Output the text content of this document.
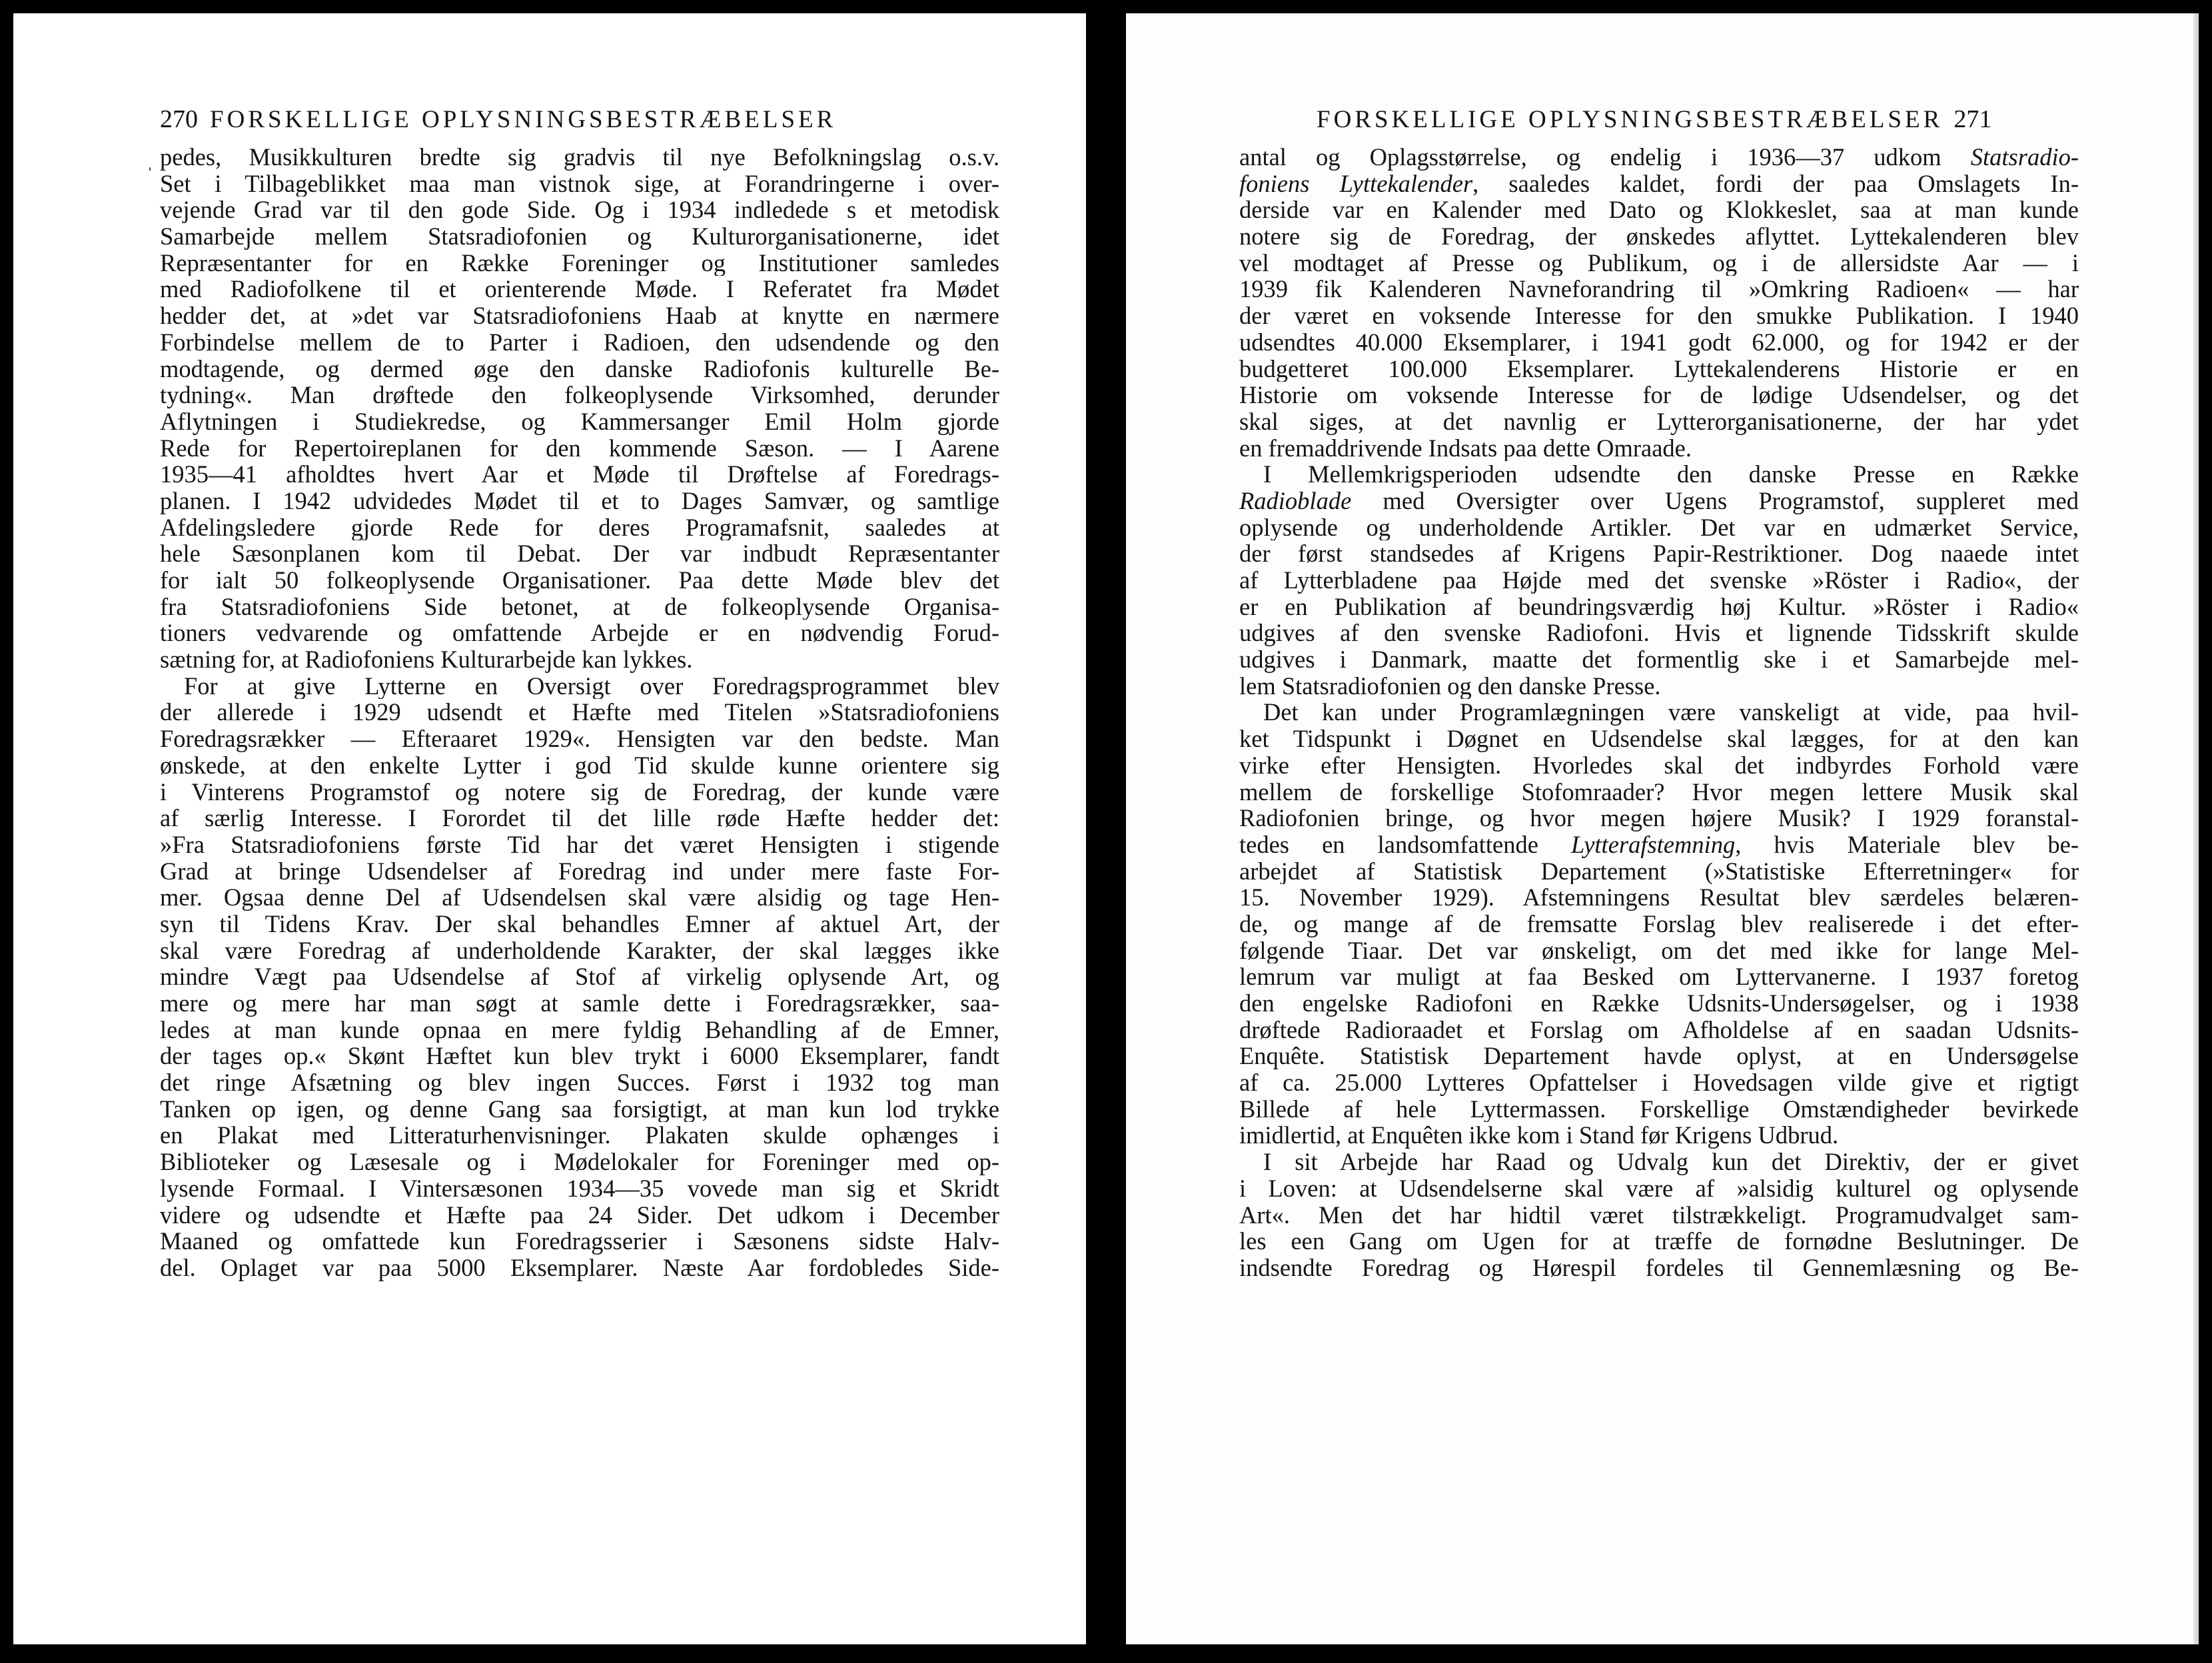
270 FORSKELLIGE OPLYSNINGSBESTRÆBELSER
ˈ
pedes, Musikkulturen bredte sig gradvis til nye Befolkningslag o.s.v.
Set i Tilbageblikket maa man vistnok sige, at Forandringerne i over-
vejende Grad var til den gode Side. Og i 1934 indledede s et metodisk
Samarbejde mellem Statsradiofonien og Kulturorganisationerne, idet
Repræsentanter for en Række Foreninger og Institutioner samledes
med Radiofolkene til et orienterende Møde. I Referatet fra Mødet
hedder det, at »det var Statsradiofoniens Haab at knytte en nærmere
Forbindelse mellem de to Parter i Radioen, den udsendende og den
modtagende, og dermed øge den danske Radiofonis kulturelle Be-
tydning«. Man drøftede den folkeoplysende Virksomhed, derunder
Aflytningen i Studiekredse, og Kammersanger Emil Holm gjorde
Rede for Repertoireplanen for den kommende Sæson. — I Aarene
1935—41 afholdtes hvert Aar et Møde til Drøftelse af Foredrags-
planen. I 1942 udvidedes Mødet til et to Dages Samvær, og samtlige
Afdelingsledere gjorde Rede for deres Programafsnit, saaledes at
hele Sæsonplanen kom til Debat. Der var indbudt Repræsentanter
for ialt 50 folkeoplysende Organisationer. Paa dette Møde blev det
fra Statsradiofoniens Side betonet, at de folkeoplysende Organisa-
tioners vedvarende og omfattende Arbejde er en nødvendig Forud-
sætning for, at Radiofoniens Kulturarbejde kan lykkes.
For at give Lytterne en Oversigt over Foredragsprogrammet blev
der allerede i 1929 udsendt et Hæfte med Titelen »Statsradiofoniens
Foredragsrækker — Efteraaret 1929«. Hensigten var den bedste. Man
ønskede, at den enkelte Lytter i god Tid skulde kunne orientere sig
i Vinterens Programstof og notere sig de Foredrag, der kunde være
af særlig Interesse. I Forordet til det lille røde Hæfte hedder det:
»Fra Statsradiofoniens første Tid har det været Hensigten i stigende
Grad at bringe Udsendelser af Foredrag ind under mere faste For-
mer. Ogsaa denne Del af Udsendelsen skal være alsidig og tage Hen-
syn til Tidens Krav. Der skal behandles Emner af aktuel Art, der
skal være Foredrag af underholdende Karakter, der skal lægges ikke
mindre Vægt paa Udsendelse af Stof af virkelig oplysende Art, og
mere og mere har man søgt at samle dette i Foredragsrækker, saa-
ledes at man kunde opnaa en mere fyldig Behandling af de Emner,
der tages op.« Skønt Hæftet kun blev trykt i 6000 Eksemplarer, fandt
det ringe Afsætning og blev ingen Succes. Først i 1932 tog man
Tanken op igen, og denne Gang saa forsigtigt, at man kun lod trykke
en Plakat med Litteraturhenvisninger. Plakaten skulde ophænges i
Biblioteker og Læsesale og i Mødelokaler for Foreninger med op-
lysende Formaal. I Vintersæsonen 1934—35 vovede man sig et Skridt
videre og udsendte et Hæfte paa 24 Sider. Det udkom i December
Maaned og omfattede kun Foredragsserier i Sæsonens sidste Halv-
del. Oplaget var paa 5000 Eksemplarer. Næste Aar fordobledes Side-
FORSKELLIGE OPLYSNINGSBESTRÆBELSER 271
antal og Oplagsstørrelse, og endelig i 1936—37 udkom Statsradio-
foniens Lyttekalender, saaledes kaldet, fordi der paa Omslagets In-
derside var en Kalender med Dato og Klokkeslet, saa at man kunde
notere sig de Foredrag, der ønskedes aflyttet. Lyttekalenderen blev
vel modtaget af Presse og Publikum, og i de allersidste Aar — i
1939 fik Kalenderen Navneforandring til »Omkring Radioen« — har
der været en voksende Interesse for den smukke Publikation. I 1940
udsendtes 40.000 Eksemplarer, i 1941 godt 62.000, og for 1942 er der
budgetteret 100.000 Eksemplarer. Lyttekalenderens Historie er en
Historie om voksende Interesse for de lødige Udsendelser, og det
skal siges, at det navnlig er Lytterorganisationerne, der har ydet
en fremaddrivende Indsats paa dette Omraade.
I Mellemkrigsperioden udsendte den danske Presse en Række
Radioblade med Oversigter over Ugens Programstof, suppleret med
oplysende og underholdende Artikler. Det var en udmærket Service,
der først standsedes af Krigens Papir-Restriktioner. Dog naaede intet
af Lytterbladene paa Højde med det svenske »Röster i Radio«, der
er en Publikation af beundringsværdig høj Kultur. »Röster i Radio«
udgives af den svenske Radiofoni. Hvis et lignende Tidsskrift skulde
udgives i Danmark, maatte det formentlig ske i et Samarbejde mel-
lem Statsradiofonien og den danske Presse.
Det kan under Programlægningen være vanskeligt at vide, paa hvil-
ket Tidspunkt i Døgnet en Udsendelse skal lægges, for at den kan
virke efter Hensigten. Hvorledes skal det indbyrdes Forhold være
mellem de forskellige Stofomraader? Hvor megen lettere Musik skal
Radiofonien bringe, og hvor megen højere Musik? I 1929 foranstal-
tedes en landsomfattende Lytterafstemning, hvis Materiale blev be-
arbejdet af Statistisk Departement (»Statistiske Efterretninger« for
15. November 1929). Afstemningens Resultat blev særdeles belæren-
de, og mange af de fremsatte Forslag blev realiserede i det efter-
følgende Tiaar. Det var ønskeligt, om det med ikke for lange Mel-
lemrum var muligt at faa Besked om Lyttervanerne. I 1937 foretog
den engelske Radiofoni en Række Udsnits-Undersøgelser, og i 1938
drøftede Radioraadet et Forslag om Afholdelse af en saadan Udsnits-
Enquête. Statistisk Departement havde oplyst, at en Undersøgelse
af ca. 25.000 Lytteres Opfattelser i Hovedsagen vilde give et rigtigt
Billede af hele Lyttermassen. Forskellige Omstændigheder bevirkede
imidlertid, at Enquêten ikke kom i Stand før Krigens Udbrud.
I sit Arbejde har Raad og Udvalg kun det Direktiv, der er givet
i Loven: at Udsendelserne skal være af »alsidig kulturel og oplysende
Art«. Men det har hidtil været tilstrækkeligt. Programudvalget sam-
les een Gang om Ugen for at træffe de fornødne Beslutninger. De
indsendte Foredrag og Hørespil fordeles til Gennemlæsning og Be-
